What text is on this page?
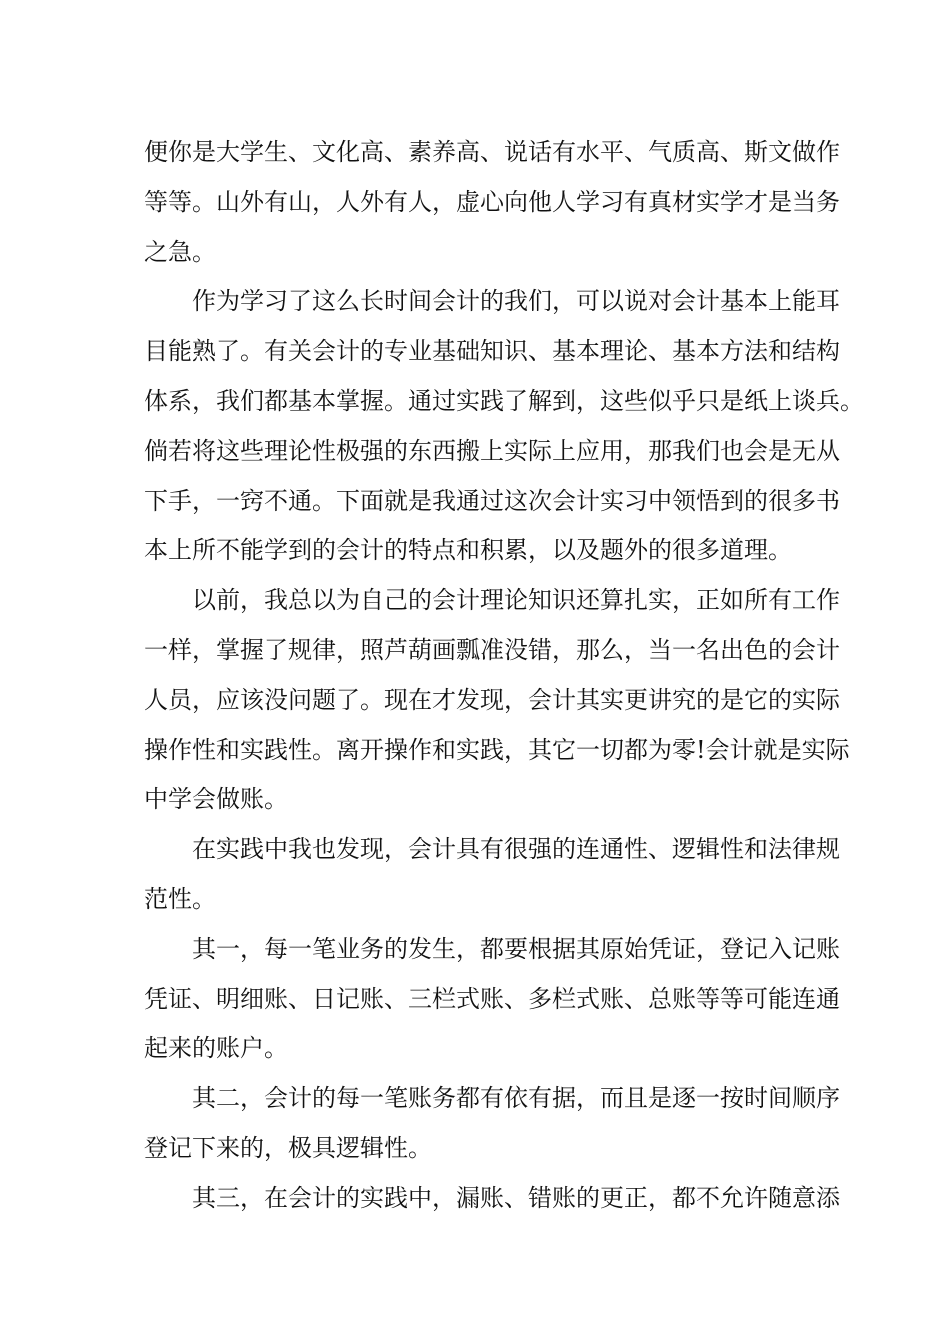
便你是大学生、文化高、素养高、说话有水平、气质高、斯文做作

等等。山外有山，人外有人，虚心向他人学习有真材实学才是当务

之急。

作为学习了这么长时间会计的我们，可以说对会计基本上能耳

目能熟了。有关会计的专业基础知识、基本理论、基本方法和结构

体系，我们都基本掌握。通过实践了解到，这些似乎只是纸上谈兵。

倘若将这些理论性极强的东西搬上实际上应用，那我们也会是无从

下手，一窍不通。下面就是我通过这次会计实习中领悟到的很多书

本上所不能学到的会计的特点和积累，以及题外的很多道理。

以前，我总以为自己的会计理论知识还算扎实，正如所有工作

一样，掌握了规律，照芦葫画瓢准没错，那么，当一名出色的会计

人员，应该没问题了。现在才发现，会计其实更讲究的是它的实际

操作性和实践性。离开操作和实践，其它一切都为零!会计就是实际

中学会做账。

在实践中我也发现，会计具有很强的连通性、逻辑性和法律规

范性。

其一，每一笔业务的发生，都要根据其原始凭证，登记入记账

凭证、明细账、日记账、三栏式账、多栏式账、总账等等可能连通

起来的账户。

其二，会计的每一笔账务都有依有据，而且是逐一按时间顺序

登记下来的，极具逻辑性。

其三，在会计的实践中，漏账、错账的更正，都不允许随意添
